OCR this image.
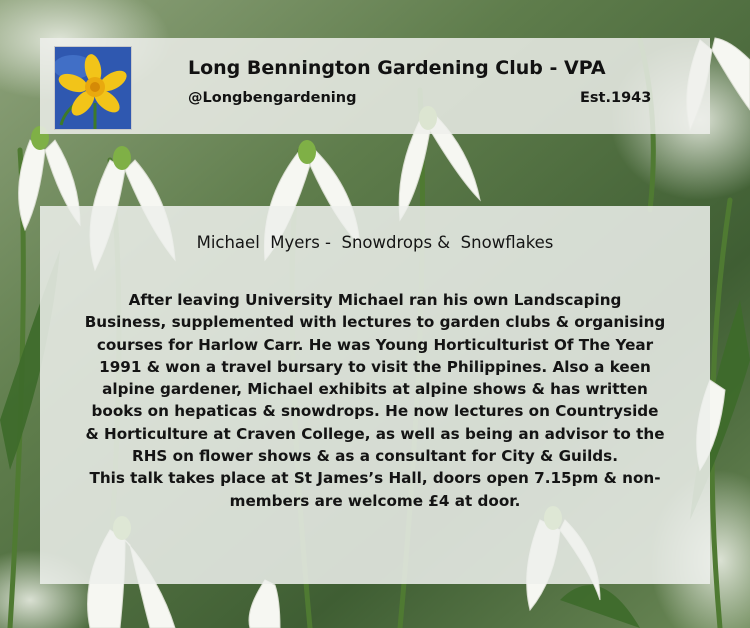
Long Bennington Gardening Club - VPA
@Longbengardening	Est.1943
Michael  Myers -  Snowdrops &  Snowflakes
After leaving University Michael ran his own Landscaping
Business, supplemented with lectures to garden clubs & organising
courses for Harlow Carr. He was Young Horticulturist Of The Year
1991 & won a travel bursary to visit the Philippines. Also a keen
alpine gardener, Michael exhibits at alpine shows & has written
books on hepaticas & snowdrops. He now lectures on Countryside
& Horticulture at Craven College, as well as being an advisor to the
RHS on flower shows & as a consultant for City & Guilds.
This talk takes place at St James’s Hall, doors open 7.15pm & non-
members are welcome £4 at door.
